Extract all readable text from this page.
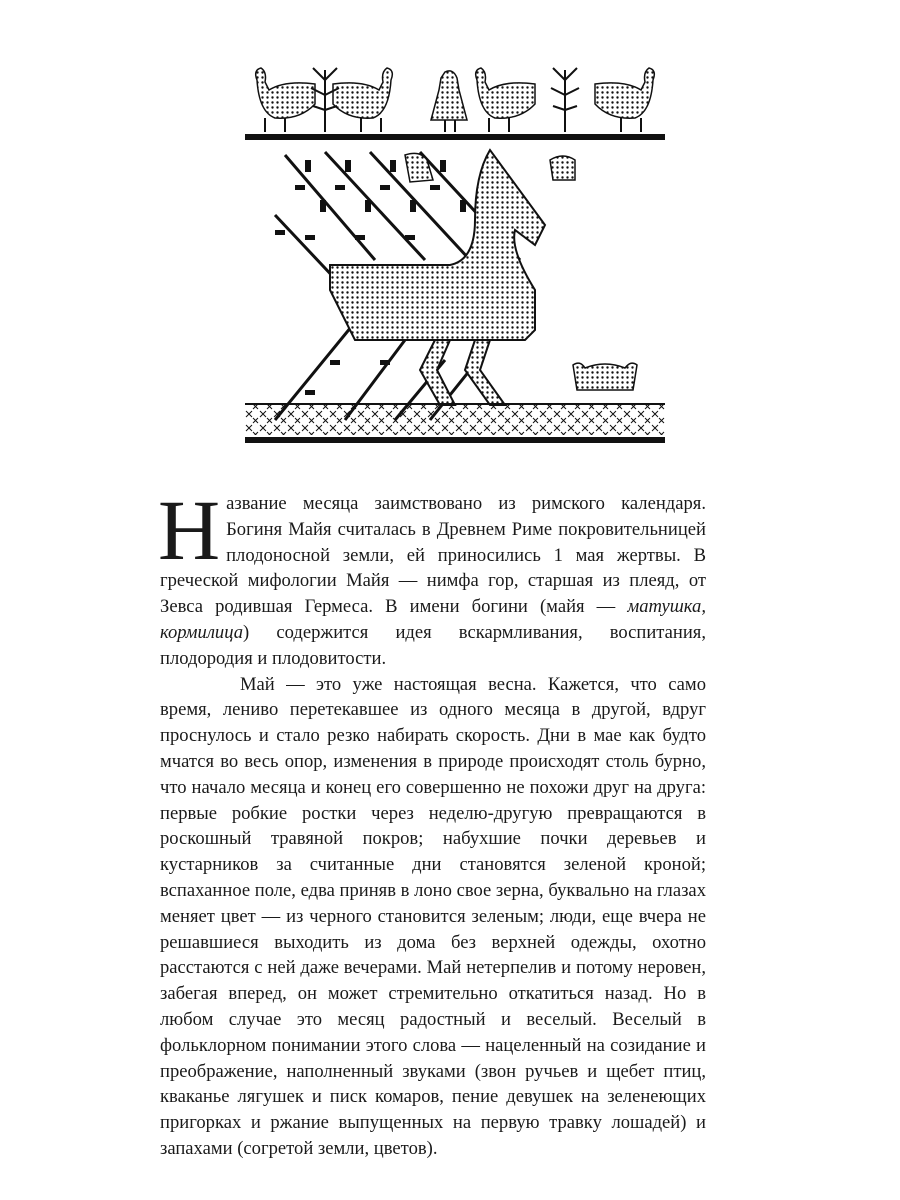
Название месяца заимствовано из римского календаря. Богиня Майя считалась в Древнем Риме покровительницей плодоносной земли, ей приносились 1 мая жертвы. В греческой мифологии Майя — нимфа гор, старшая из плеяд, от Зевса родившая Гермеса. В имени богини (майя — матушка, кормилица) содержится идея вскармливания, воспитания, плодородия и плодовитости.

Май — это уже настоящая весна. Кажется, что само время, лениво перетекавшее из одного месяца в другой, вдруг проснулось и стало резко набирать скорость. Дни в мае как будто мчатся во весь опор, изменения в природе происходят столь бурно, что начало месяца и конец его совершенно не похожи друг на друга: первые робкие ростки через неделю-другую превращаются в роскошный травяной покров; набухшие почки деревьев и кустарников за считанные дни становятся зеленой кроной; вспаханное поле, едва приняв в лоно свое зерна, буквально на глазах меняет цвет — из черного становится зеленым; люди, еще вчера не решавшиеся выходить из дома без верхней одежды, охотно расстаются с ней даже вечерами. Май нетерпелив и потому неровен, забегая вперед, он может стремительно откатиться назад. Но в любом случае это месяц радостный и веселый. Веселый в фольклорном понимании этого слова — нацеленный на созидание и преображение, наполненный звуками (звон ручьев и щебет птиц, кваканье лягушек и писк комаров, пение девушек на зеленеющих пригорках и ржание выпущенных на первую травку лошадей) и запахами (согретой земли, цветов).
